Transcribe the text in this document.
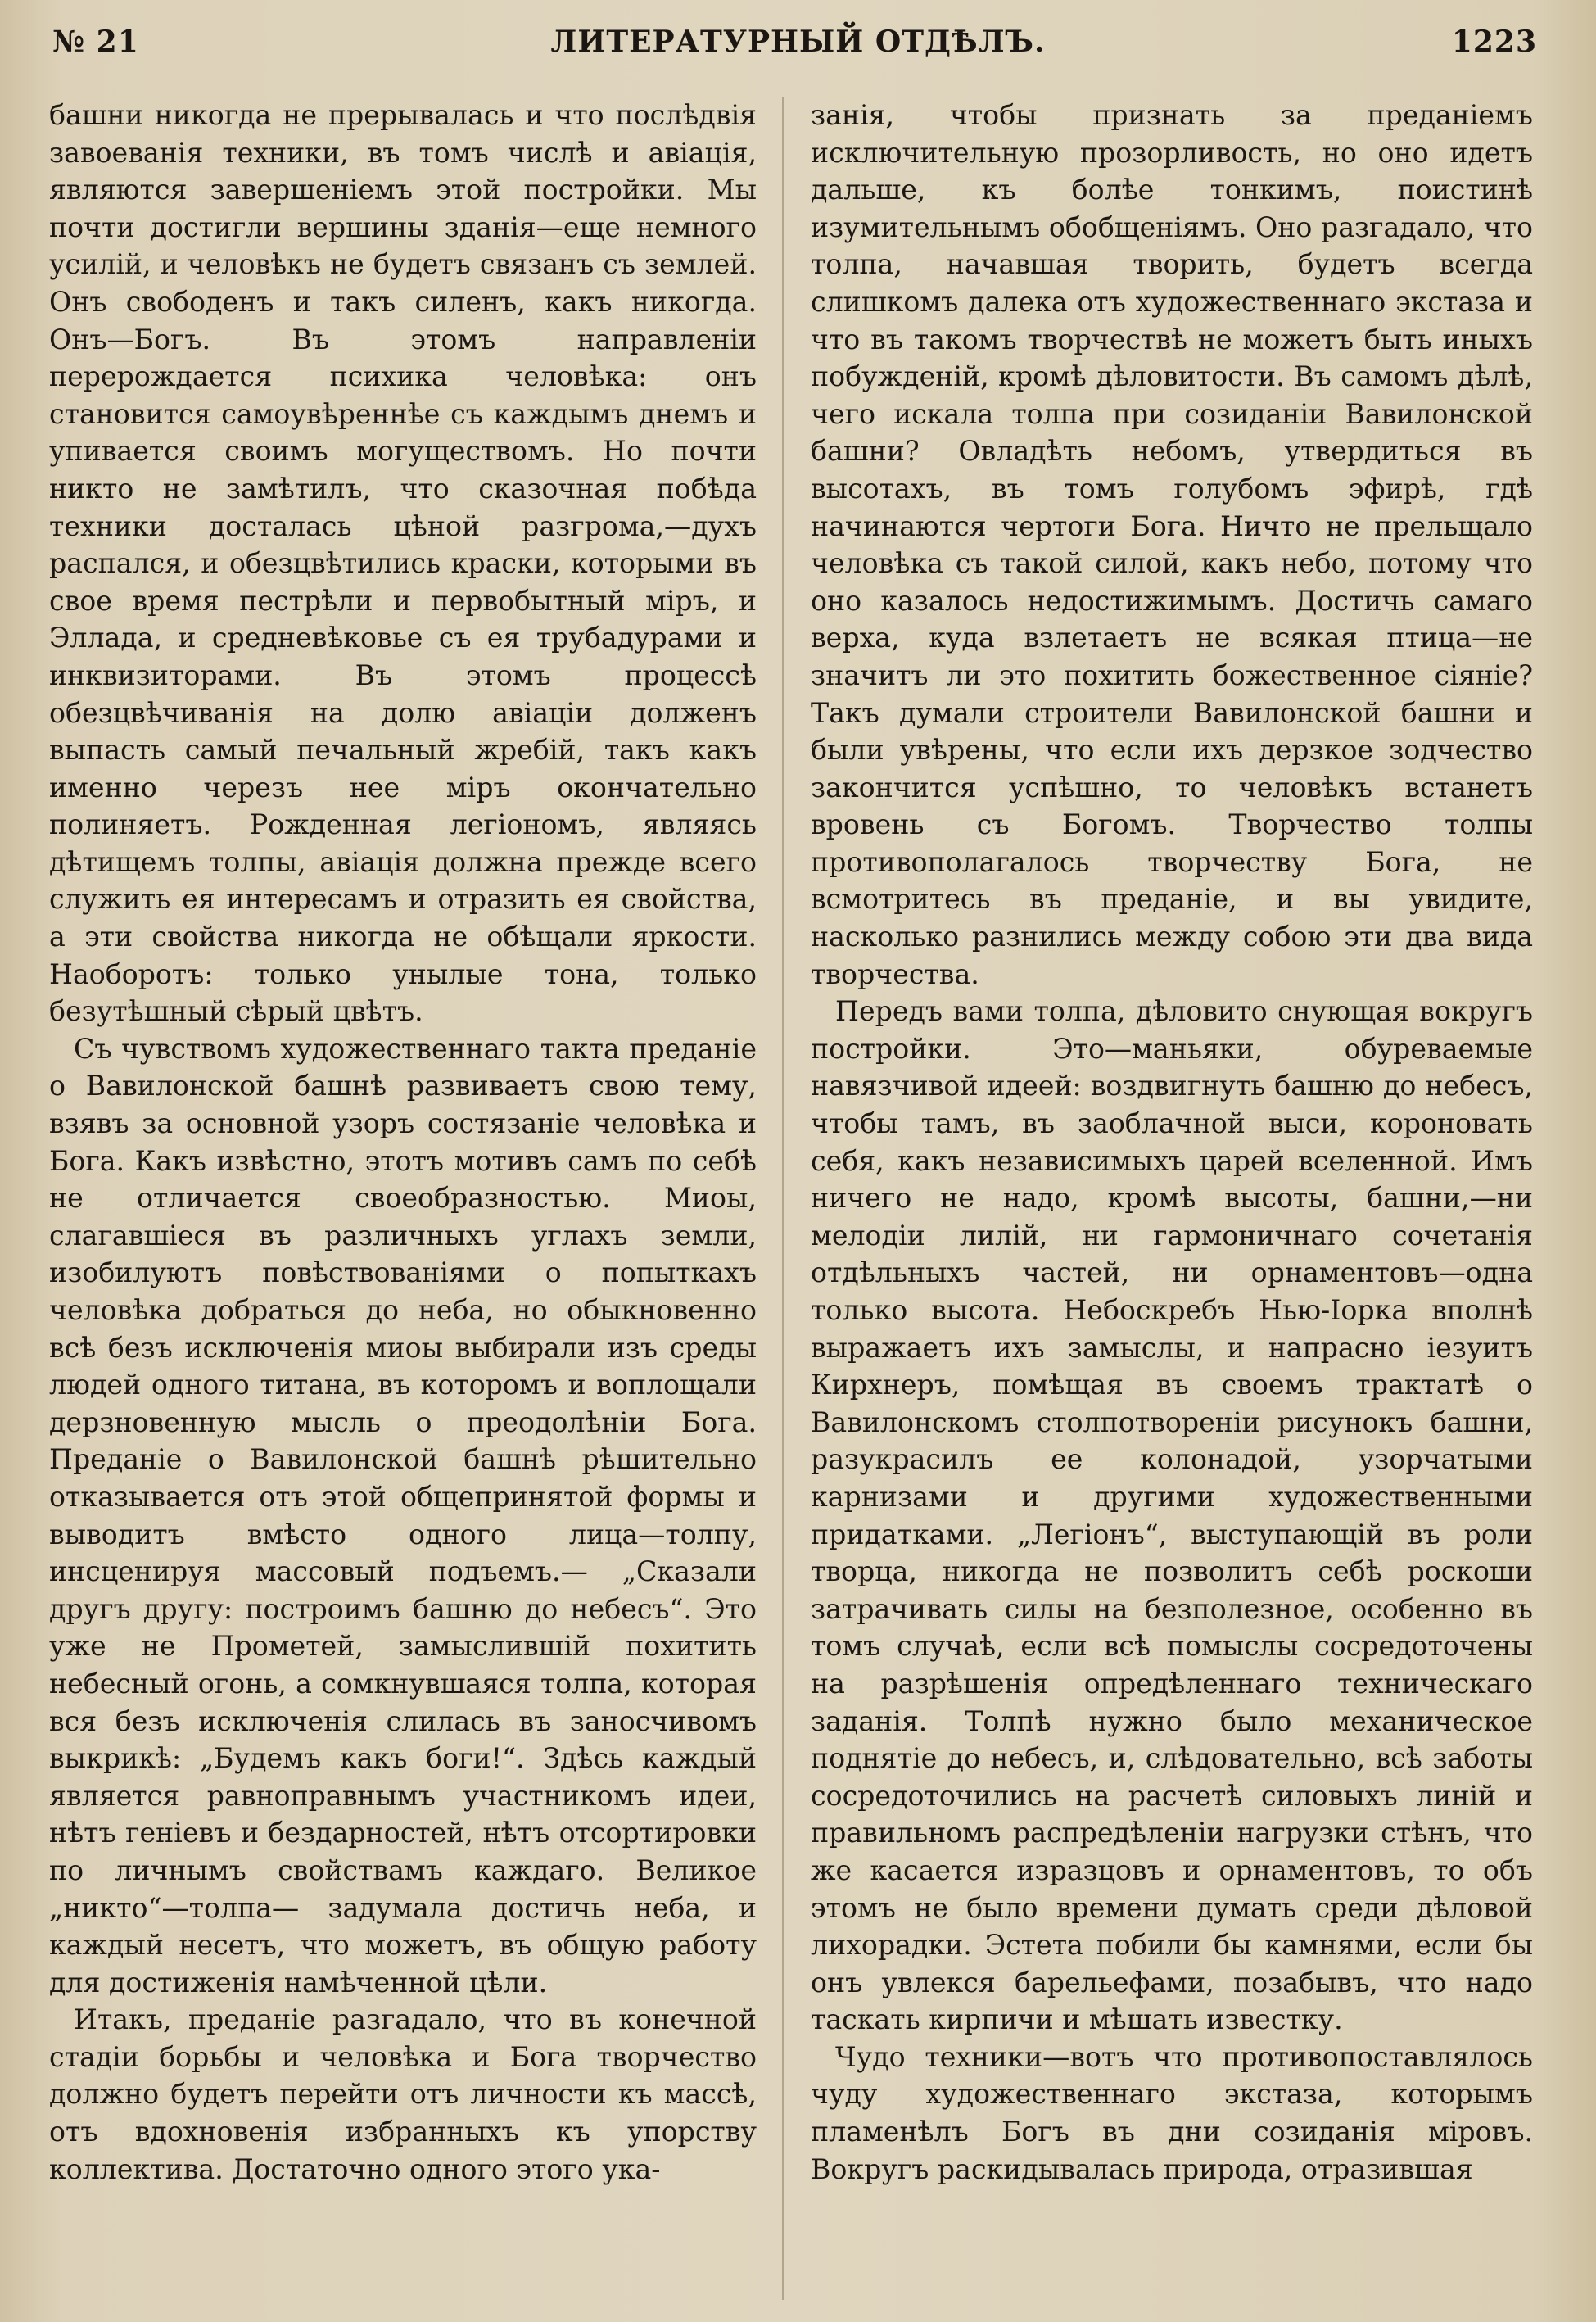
ЛИТЕРАТУРНЫЙ ОТДѢЛЪ.
№ 21	1223

башни никогда не прерывалась и что послѣдвія завоеванія техники, въ томъ числѣ и авіація, являются завершеніемъ этой постройки. Мы почти достигли вершины зданія—еще немного усилій, и человѣкъ не будетъ связанъ съ землей. Онъ свободенъ и такъ силенъ, какъ никогда. Онъ—Богъ. Въ этомъ направленіи перерождается психика человѣка: онъ становится самоувѣреннѣе съ каждымъ днемъ и упивается своимъ могуществомъ. Но почти никто не замѣтилъ, что сказочная побѣда техники досталась цѣной разгрома,—духъ распался, и обезцвѣтились краски, которыми въ свое время пестрѣли и первобытный міръ, и Эллада, и средневѣковье съ ея трубадурами и инквизиторами. Въ этомъ процессѣ обезцвѣчиванія на долю авіаціи долженъ выпасть самый печальный жребій, такъ какъ именно черезъ нее міръ окончательно полиняетъ. Рожденная легіономъ, являясь дѣтищемъ толпы, авіація должна прежде всего служить ея интересамъ и отразить ея свойства, а эти свойства никогда не обѣщали яркости. Наоборотъ: только унылые тона, только безутѣшный сѣрый цвѣтъ.

Съ чувствомъ художественнаго такта преданіе о Вавилонской башнѣ развиваетъ свою тему, взявъ за основной узоръ состязаніе человѣка и Бога. Какъ извѣстно, этотъ мотивъ самъ по себѣ не отличается своеобразностью. Миоы, слагавшіеся въ различныхъ углахъ земли, изобилуютъ повѣствованіями о попыткахъ человѣка добраться до неба, но обыкновенно всѣ безъ исключенія миоы выбирали изъ среды людей одного титана, въ которомъ и воплощали дерзновенную мысль о преодолѣніи Бога. Преданіе о Вавилонской башнѣ рѣшительно отказывается отъ этой общепринятой формы и выводитъ вмѣсто одного лица—толпу, инсценируя массовый подъемъ.— „Сказали другъ другу: построимъ башню до небесъ“. Это уже не Прометей, замыслившій похитить небесный огонь, а сомкнувшаяся толпа, которая вся безъ исключенія слилась въ заносчивомъ выкрикѣ: „Будемъ какъ боги!“. Здѣсь каждый является равноправнымъ участникомъ идеи, нѣтъ геніевъ и бездарностей, нѣтъ отсортировки по личнымъ свойствамъ каждаго. Великое „никто“—толпа— задумала достичь неба, и каждый несетъ, что можетъ, въ общую работу для достиженія намѣченной цѣли.

Итакъ, преданіе разгадало, что въ конечной стадіи борьбы и человѣка и Бога творчество должно будетъ перейти отъ личности къ массѣ, отъ вдохновенія избранныхъ къ упорству коллектива. Достаточно одного этого ука-

занія, чтобы признать за преданіемъ исключительную прозорливость, но оно идетъ дальше, къ болѣе тонкимъ, поистинѣ изумительнымъ обобщеніямъ. Оно разгадало, что толпа, начавшая творить, будетъ всегда слишкомъ далека отъ художественнаго экстаза и что въ такомъ творчествѣ не можетъ быть иныхъ побужденій, кромѣ дѣловитости. Въ самомъ дѣлѣ, чего искала толпа при созиданіи Вавилонской башни? Овладѣть небомъ, утвердиться въ высотахъ, въ томъ голубомъ эфирѣ, гдѣ начинаются чертоги Бога. Ничто не прельщало человѣка съ такой силой, какъ небо, потому что оно казалось недостижимымъ. Достичь самаго верха, куда взлетаетъ не всякая птица—не значитъ ли это похитить божественное сіяніе? Такъ думали строители Вавилонской башни и были увѣрены, что если ихъ дерзкое зодчество закончится успѣшно, то человѣкъ встанетъ вровень съ Богомъ. Творчество толпы противополагалось творчеству Бога, не всмотритесь въ преданіе, и вы увидите, насколько разнились между собою эти два вида творчества.

Передъ вами толпа, дѣловито снующая вокругъ постройки. Это—маньяки, обуреваемые навязчивой идеей: воздвигнуть башню до небесъ, чтобы тамъ, въ заоблачной выси, короновать себя, какъ независимыхъ царей вселенной. Имъ ничего не надо, кромѣ высоты, башни,—ни мелодіи лилій, ни гармоничнаго сочетанія отдѣльныхъ частей, ни орнаментовъ—одна только высота. Небоскребъ Нью-Іорка вполнѣ выражаетъ ихъ замыслы, и напрасно іезуитъ Кирхнеръ, помѣщая въ своемъ трактатѣ о Вавилонскомъ столпотвореніи рисунокъ башни, разукрасилъ ее колонадой, узорчатыми карнизами и другими художественными придатками. „Легіонъ“, выступающій въ роли творца, никогда не позволитъ себѣ роскоши затрачивать силы на безполезное, особенно въ томъ случаѣ, если всѣ помыслы сосредоточены на разрѣшенія опредѣленнаго техническаго заданія. Толпѣ нужно было механическое поднятіе до небесъ, и, слѣдовательно, всѣ заботы сосредоточились на расчетѣ силовыхъ линій и правильномъ распредѣленіи нагрузки стѣнъ, что же касается изразцовъ и орнаментовъ, то объ этомъ не было времени думать среди дѣловой лихорадки. Эстета побили бы камнями, если бы онъ увлекся барельефами, позабывъ, что надо таскать кирпичи и мѣшать известку.

Чудо техники—вотъ что противопоставлялось чуду художественнаго экстаза, которымъ пламенѣлъ Богъ въ дни созиданія міровъ. Вокругъ раскидывалась природа, отразившая
